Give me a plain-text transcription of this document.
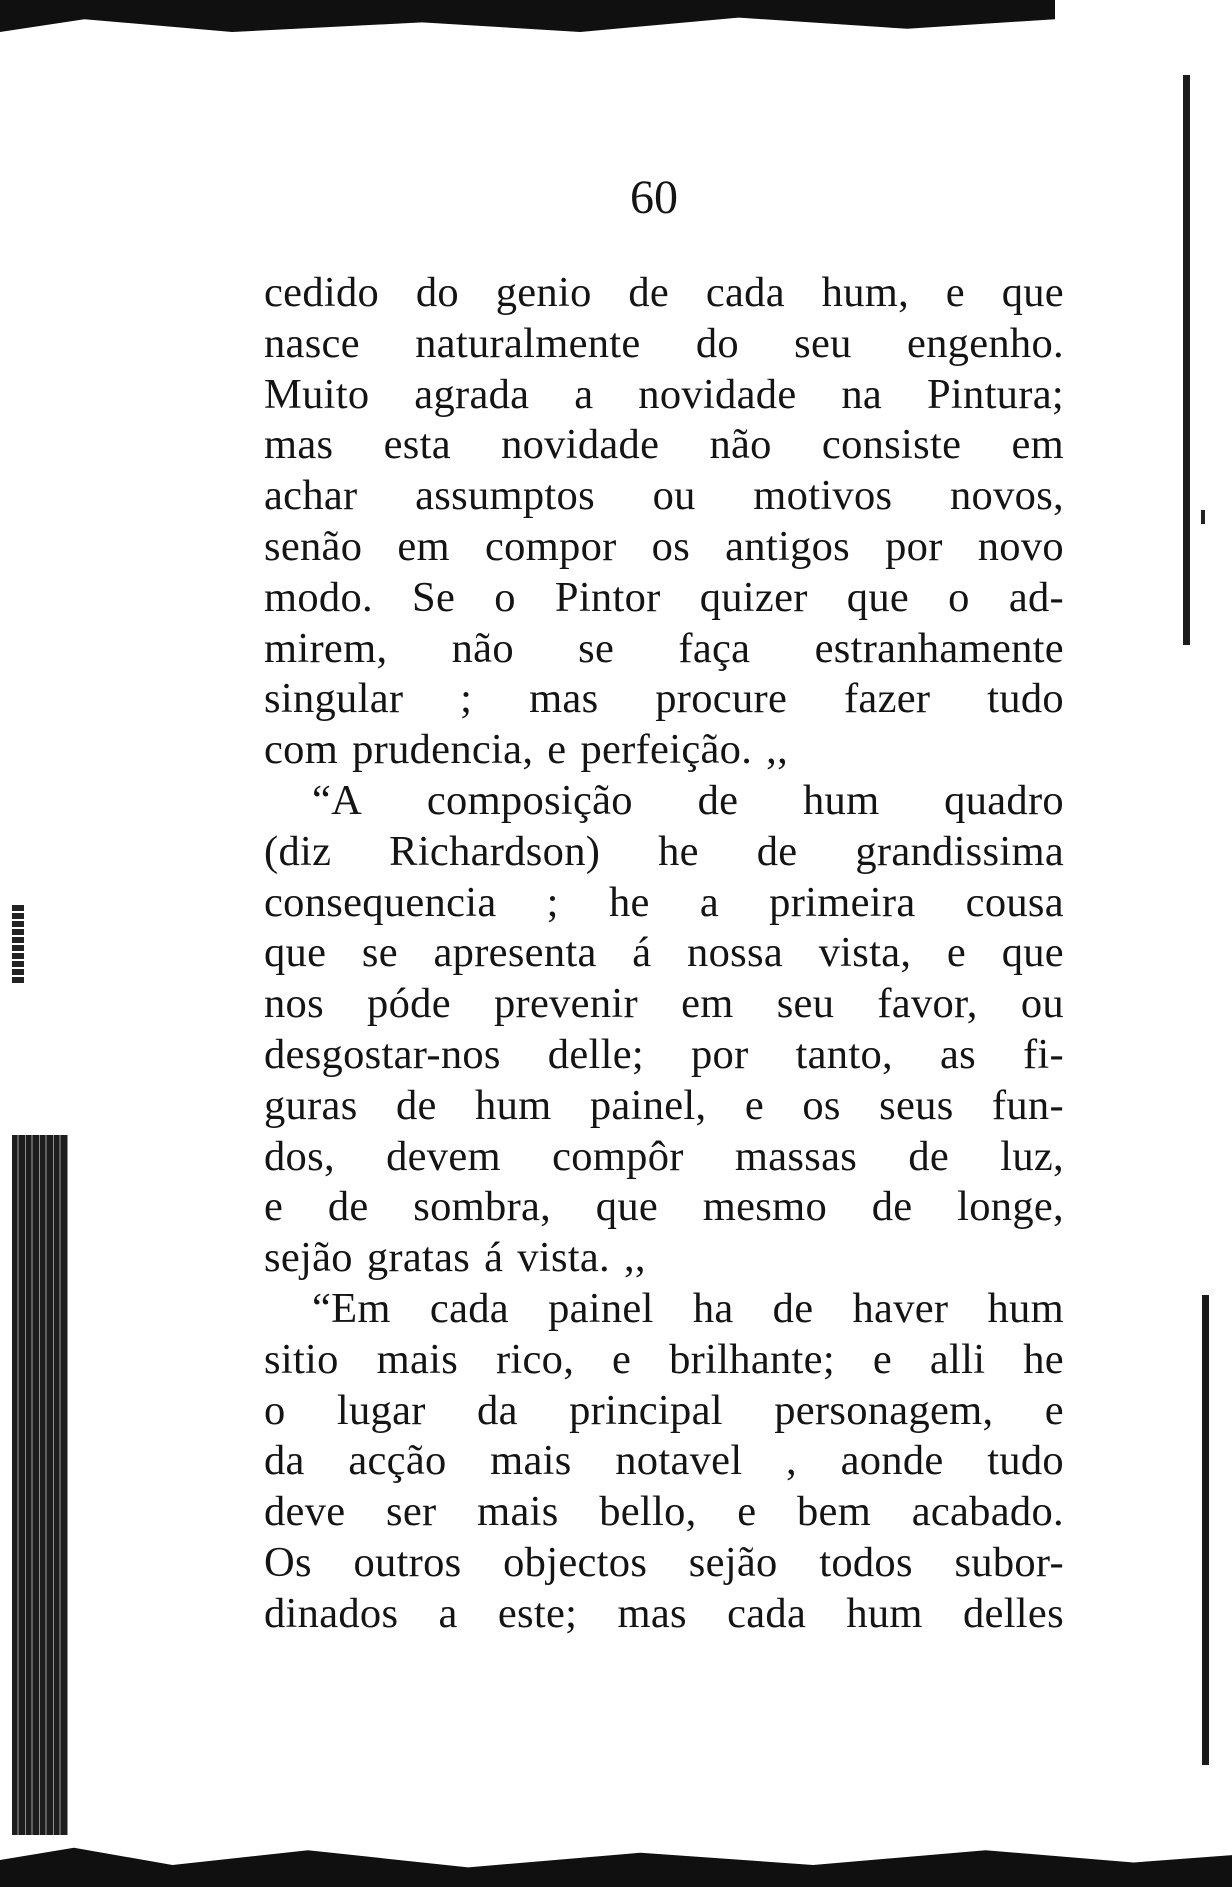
60
cedido do genio de cada hum, e que
nasce naturalmente do seu engenho.
Muito agrada a novidade na Pintura;
mas esta novidade não consiste em
achar assumptos ou motivos novos,
senão em compor os antigos por novo
modo. Se o Pintor quizer que o ad-
mirem, não se faça estranhamente
singular ; mas procure fazer tudo
com prudencia, e perfeição. ,,
“A composição de hum quadro
(diz Richardson) he de grandissima
consequencia ; he a primeira cousa
que se apresenta á nossa vista, e que
nos póde prevenir em seu favor, ou
desgostar-nos delle; por tanto, as fi-
guras de hum painel, e os seus fun-
dos, devem compôr massas de luz,
e de sombra, que mesmo de longe,
sejão gratas á vista. ,,
“Em cada painel ha de haver hum
sitio mais rico, e brilhante; e alli he
o lugar da principal personagem, e
da acção mais notavel , aonde tudo
deve ser mais bello, e bem acabado.
Os outros objectos sejão todos subor-
dinados a este; mas cada hum delles
